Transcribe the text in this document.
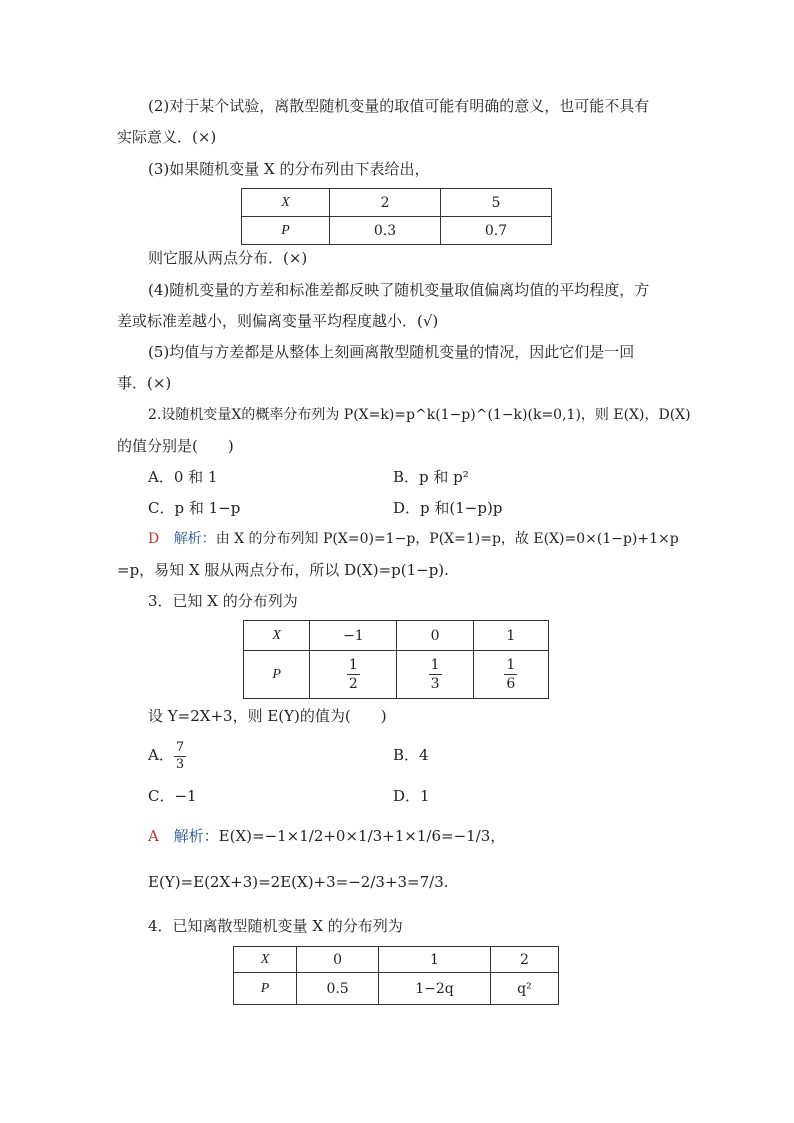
(2)对于某个试验，离散型随机变量的取值可能有明确的意义，也可能不具有
实际意义．(×)
(3)如果随机变量 X 的分布列由下表给出，
X	2	5
P	0.3	0.7
则它服从两点分布．(×)
(4)随机变量的方差和标准差都反映了随机变量取值偏离均值的平均程度，方
差或标准差越小，则偏离变量平均程度越小．(√)
(5)均值与方差都是从整体上刻画离散型随机变量的情况，因此它们是一回
事．(×)
2.设随机变量X的概率分布列为 P(X=k)=p^k(1−p)^(1−k)(k=0,1)，则 E(X)，D(X)
的值分别是(　　)
A．0 和 1	B．p 和 p²
C．p 和 1−p	D．p 和(1−p)p
D 解析：由 X 的分布列知 P(X=0)=1−p，P(X=1)=p，故 E(X)=0×(1−p)+1×p
=p，易知 X 服从两点分布，所以 D(X)=p(1−p).
3．已知 X 的分布列为
X	−1	0	1
P	$\frac{1}{2}$	$\frac{1}{3}$	$\frac{1}{6}$
设 Y=2X+3，则 E(Y)的值为(　　)
A． $\frac{7}{3}$	B．4
C．−1	D．1
A 解析：E(X)=−1×1/2+0×1/3+1×1/6=−1/3，
E(Y)=E(2X+3)=2E(X)+3=−2/3+3=7/3.
4．已知离散型随机变量 X 的分布列为
X	0	1	2
P	0.5	1−2q	q²
